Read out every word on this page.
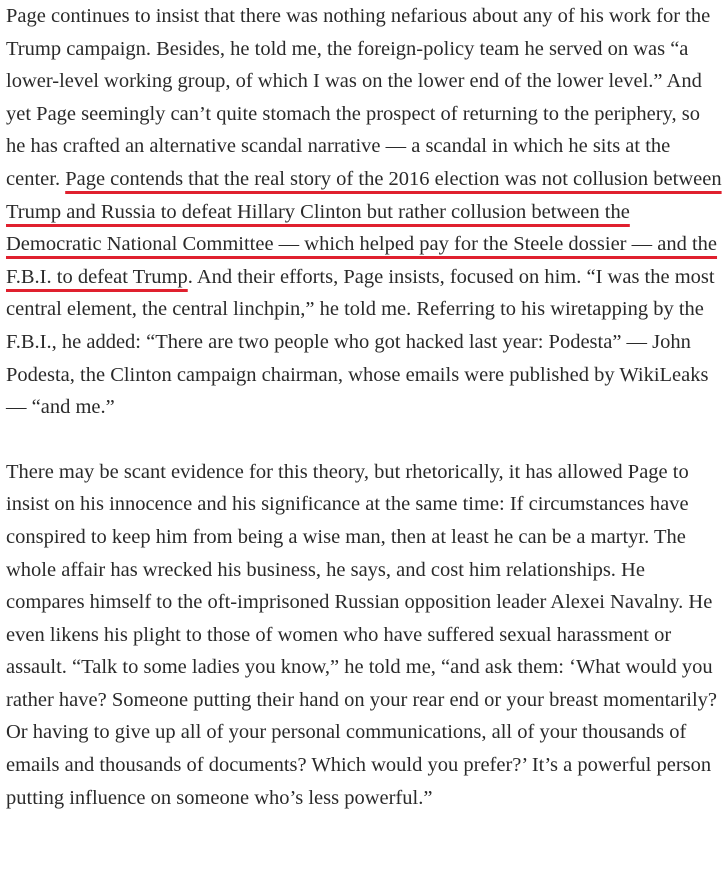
Page continues to insist that there was nothing nefarious about any of his work for the Trump campaign. Besides, he told me, the foreign-policy team he served on was “a lower-level working group, of which I was on the lower end of the lower level.” And yet Page seemingly can’t quite stomach the prospect of returning to the periphery, so he has crafted an alternative scandal narrative — a scandal in which he sits at the center. Page contends that the real story of the 2016 election was not collusion between Trump and Russia to defeat Hillary Clinton but rather collusion between the Democratic National Committee — which helped pay for the Steele dossier — and the F.B.I. to defeat Trump. And their efforts, Page insists, focused on him. “I was the most central element, the central linchpin,” he told me. Referring to his wiretapping by the F.B.I., he added: “There are two people who got hacked last year: Podesta” — John Podesta, the Clinton campaign chairman, whose emails were published by WikiLeaks — “and me.”

There may be scant evidence for this theory, but rhetorically, it has allowed Page to insist on his innocence and his significance at the same time: If circumstances have conspired to keep him from being a wise man, then at least he can be a martyr. The whole affair has wrecked his business, he says, and cost him relationships. He compares himself to the oft-imprisoned Russian opposition leader Alexei Navalny. He even likens his plight to those of women who have suffered sexual harassment or assault. “Talk to some ladies you know,” he told me, “and ask them: ‘What would you rather have? Someone putting their hand on your rear end or your breast momentarily? Or having to give up all of your personal communications, all of your thousands of emails and thousands of documents? Which would you prefer?’ It’s a powerful person putting influence on someone who’s less powerful.”
